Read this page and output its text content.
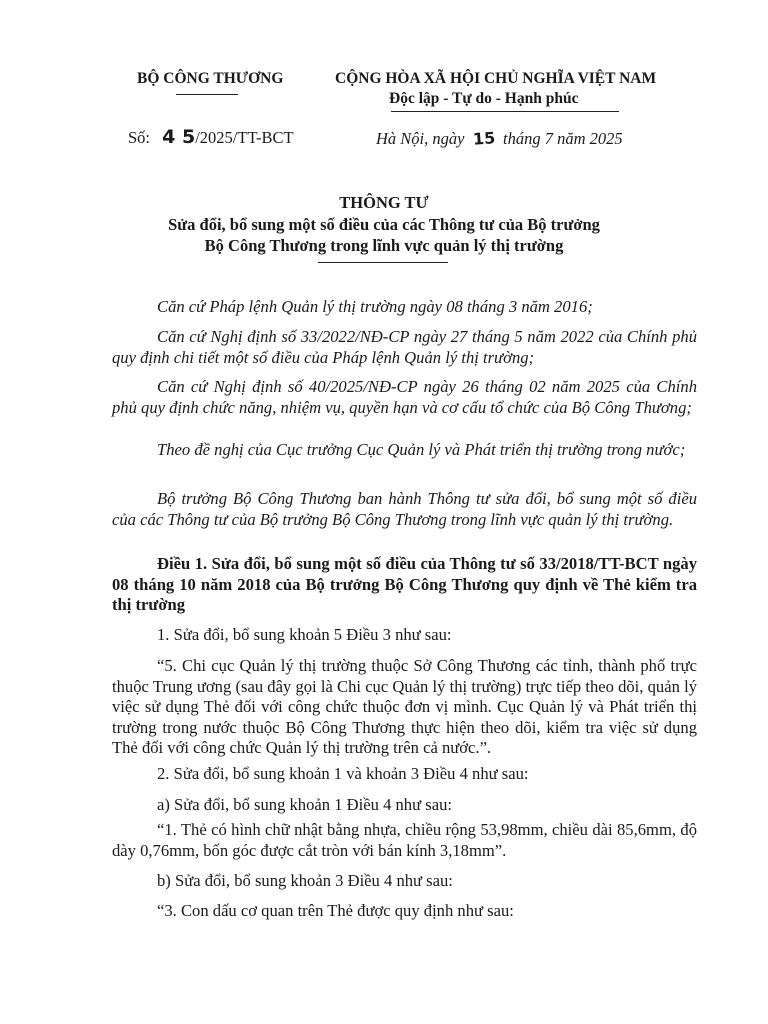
BỘ CÔNG THƯƠNG	CỘNG HÒA XÃ HỘI CHỦ NGHĨA VIỆT NAM
Độc lập - Tự do - Hạnh phúc
Số: 4 5/2025/TT-BCT	Hà Nội, ngày 15 tháng 7 năm 2025
THÔNG TƯ
Sửa đổi, bổ sung một số điều của các Thông tư của Bộ trưởng
Bộ Công Thương trong lĩnh vực quản lý thị trường
Căn cứ Pháp lệnh Quản lý thị trường ngày 08 tháng 3 năm 2016;
Căn cứ Nghị định số 33/2022/NĐ-CP ngày 27 tháng 5 năm 2022 của Chính phủ quy định chi tiết một số điều của Pháp lệnh Quản lý thị trường;
Căn cứ Nghị định số 40/2025/NĐ-CP ngày 26 tháng 02 năm 2025 của Chính phủ quy định chức năng, nhiệm vụ, quyền hạn và cơ cấu tổ chức của Bộ Công Thương;
Theo đề nghị của Cục trưởng Cục Quản lý và Phát triển thị trường trong nước;
Bộ trưởng Bộ Công Thương ban hành Thông tư sửa đổi, bổ sung một số điều của các Thông tư của Bộ trưởng Bộ Công Thương trong lĩnh vực quản lý thị trường.
Điều 1. Sửa đổi, bổ sung một số điều của Thông tư số 33/2018/TT-BCT ngày 08 tháng 10 năm 2018 của Bộ trưởng Bộ Công Thương quy định về Thẻ kiểm tra thị trường
1. Sửa đổi, bổ sung khoản 5 Điều 3 như sau:
“5. Chi cục Quản lý thị trường thuộc Sở Công Thương các tỉnh, thành phố trực thuộc Trung ương (sau đây gọi là Chi cục Quản lý thị trường) trực tiếp theo dõi, quản lý việc sử dụng Thẻ đối với công chức thuộc đơn vị mình. Cục Quản lý và Phát triển thị trường trong nước thuộc Bộ Công Thương thực hiện theo dõi, kiểm tra việc sử dụng Thẻ đối với công chức Quản lý thị trường trên cả nước.”.
2. Sửa đổi, bổ sung khoản 1 và khoản 3 Điều 4 như sau:
a) Sửa đổi, bổ sung khoản 1 Điều 4 như sau:
“1. Thẻ có hình chữ nhật bằng nhựa, chiều rộng 53,98mm, chiều dài 85,6mm, độ dày 0,76mm, bốn góc được cắt tròn với bán kính 3,18mm”.
b) Sửa đổi, bổ sung khoản 3 Điều 4 như sau:
“3. Con dấu cơ quan trên Thẻ được quy định như sau:
